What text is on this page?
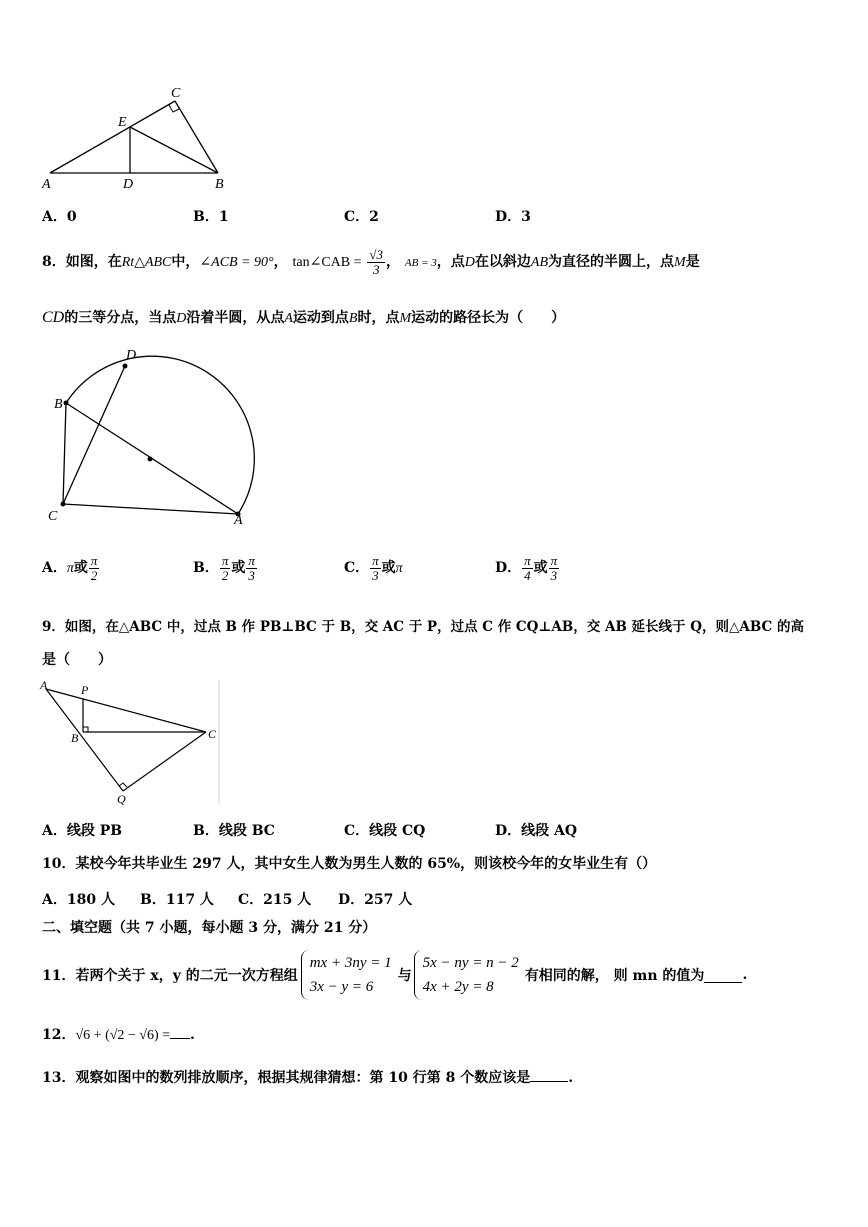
C
E
A	D	B
A．0	B．1	C．2	D．3
8．如图，在Rt△ABC中，∠ACB = 90°， tan∠CAB = $\frac{√3}{3}$ ， AB = 3，点D在以斜边AB为直径的半圆上，点M是
CD的三等分点，当点D沿着半圆，从点A运动到点B时，点M运动的路径长为（　　）
D
B
C	A
A．π或 $\frac{\pi}{2}$	B． $\frac{\pi}{2}$ 或 $\frac{\pi}{3}$	C． $\frac{\pi}{3}$ 或π	D． $\frac{\pi}{4}$ 或 $\frac{\pi}{3}$
9．如图，在△ABC 中，过点 B 作 PB⊥BC 于 B，交 AC 于 P，过点 C 作 CQ⊥AB，交 AB 延长线于 Q，则△ABC 的高
是（　　）
A	P
B	C
Q
A．线段 PB	B．线段 BC	C．线段 CQ	D．线段 AQ
10．某校今年共毕业生 297 人，其中女生人数为男生人数的 65%，则该校今年的女毕业生有（）
A．180 人 B．117 人 C．215 人 D．257 人
二、填空题（共 7 小题，每小题 3 分，满分 21 分）
11．若两个关于 x，y 的二元一次方程组
mx + 3ny = 1
3x − y = 6
与
5x − ny = n − 2
4x + 2y = 8
有相同的解， 则 mn 的值为	.
12．√6 + (√2 − √6) = .
13．观察如图中的数列排放顺序，根据其规律猜想：第 10 行第 8 个数应该是	.
